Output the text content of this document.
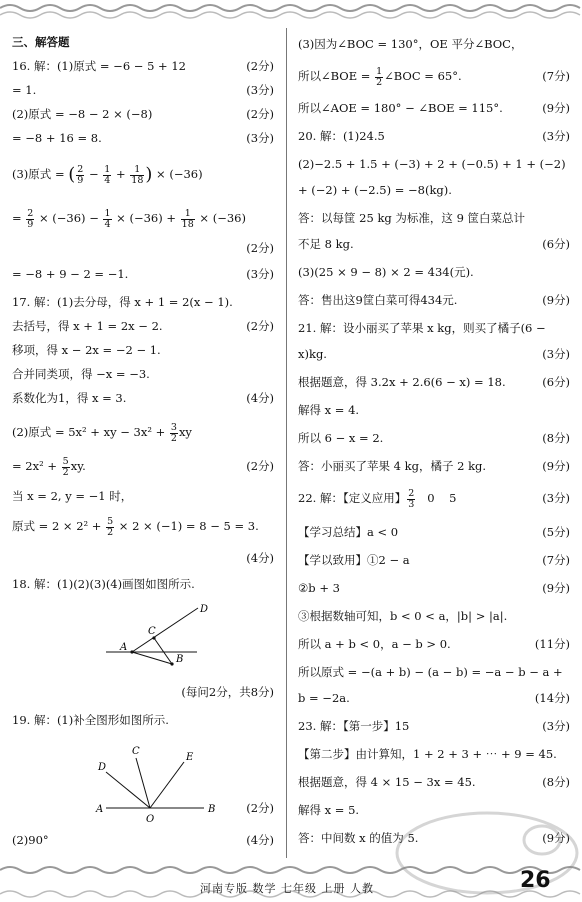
三、解答题
16. 解：(1)原式 = −6 − 5 + 12	(2分)
= 1.	(3分)
(2)原式 = −8 − 2 × (−8)	(2分)
= −8 + 16 = 8.	(3分)
(3)原式 = ( $\frac{2}{9} - \frac{1}{4} + \frac{1}{18}$ ) × (−36)
= $\frac{2}{9} \times (-36) - \frac{1}{4} \times (-36) + \frac{1}{18} \times (-36)$
(2分)
= −8 + 9 − 2 = −1.	(3分)
17. 解：(1)去分母，得 x + 1 = 2(x − 1).
去括号，得 x + 1 = 2x − 2.	(2分)
移项，得 x − 2x = −2 − 1.
合并同类项，得 −x = −3.
系数化为1，得 x = 3.	(4分)
(2)原式 = 5x² + xy − $3x^2 + \frac{3}{2}$ xy
= $2x^2 + \frac{5}{2}$ xy.	(2分)
当 x = 2, y = −1 时，
原式 = $2 \times 2^2 + \frac{5}{2} \times 2 \times (-1) = 8 - 5 = 3$.
(4分)
18. 解：(1)(2)(3)(4)画图如图所示.
A
B
C
D
(每问2分，共8分)
19. 解：(1)补全图形如图所示.
A	B
C
D
E
O
(2分)
(2)90°	(4分)
(3)因为∠BOC = 130°，OE 平分∠BOC，
所以∠BOE = $\frac{1}{2}$ ∠BOC = 65°.	(7分)
所以∠AOE = 180° − ∠BOE = 115°.	(9分)
20. 解：(1)24.5	(3分)
(2)−2.5 + 1.5 + (−3) + 2 + (−0.5) + 1 + (−2)
+ (−2) + (−2.5) = −8(kg).
答：以每筐 25 kg 为标准，这 9 筐白菜总计
不足 8 kg.	(6分)
(3)(25 × 9 − 8) × 2 = 434(元).
答：售出这9筐白菜可得434元.	(9分)
21. 解：设小丽买了苹果 x kg，则买了橘子(6 −
x)kg.	(3分)
根据题意，得 3.2x + 2.6(6 − x) = 18.	(6分)
解得 x = 4.
所以 6 − x = 2.	(8分)
答：小丽买了苹果 4 kg，橘子 2 kg.	(9分)
22. 解：【定义应用】 $\frac{2}{3} 0$    5	(3分)
【学习总结】a < 0	(5分)
【学以致用】①2 − a	(7分)
②b + 3	(9分)
③根据数轴可知，b < 0 < a，|b| > |a|.
所以 a + b < 0，a − b > 0.	(11分)
所以原式 = −(a + b) − (a − b) = −a − b − a +
b = −2a.	(14分)
23. 解：【第一步】15	(3分)
【第二步】由计算知，1 + 2 + 3 + ⋯ + 9 = 45.
根据题意，得 4 × 15 − 3x = 45.	(8分)
解得 x = 5.
答：中间数 x 的值为 5.	(9分)
河南专版 数学 七年级 上册 人教	26
